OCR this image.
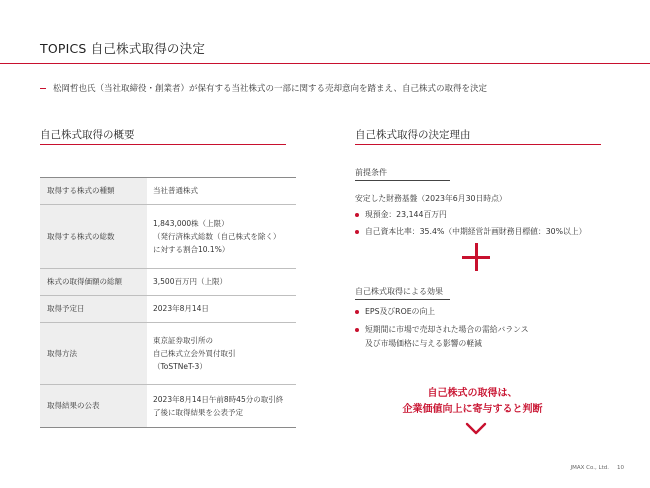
TOPICS 自己株式取得の決定
松岡哲也氏（当社取締役・創業者）が保有する当社株式の一部に関する売却意向を踏まえ、自己株式の取得を決定
自己株式取得の概要
取得する株式の種類	当社普通株式

取得する株式の総数	1,843,000株（上限）
（発行済株式総数（自己株式を除く）
に対する割合10.1%）

株式の取得価額の総額	3,500百万円（上限）

取得予定日	2023年8月14日

取得方法	東京証券取引所の
自己株式立会外買付取引
（ToSTNeT-3）

取得結果の公表	2023年8月14日午前8時45分の取引終
了後に取得結果を公表予定
自己株式取得の決定理由
前提条件
安定した財務基盤（2023年6月30日時点）
現預金：23,144百万円
自己資本比率：35.4%（中期経営計画財務目標値：30%以上）
自己株式取得による効果
EPS及びROEの向上
短期間に市場で売却された場合の需給バランス
及び市場価格に与える影響の軽減
自己株式の取得は、
企業価値向上に寄与すると判断
JMAX Co., Ltd. 10
